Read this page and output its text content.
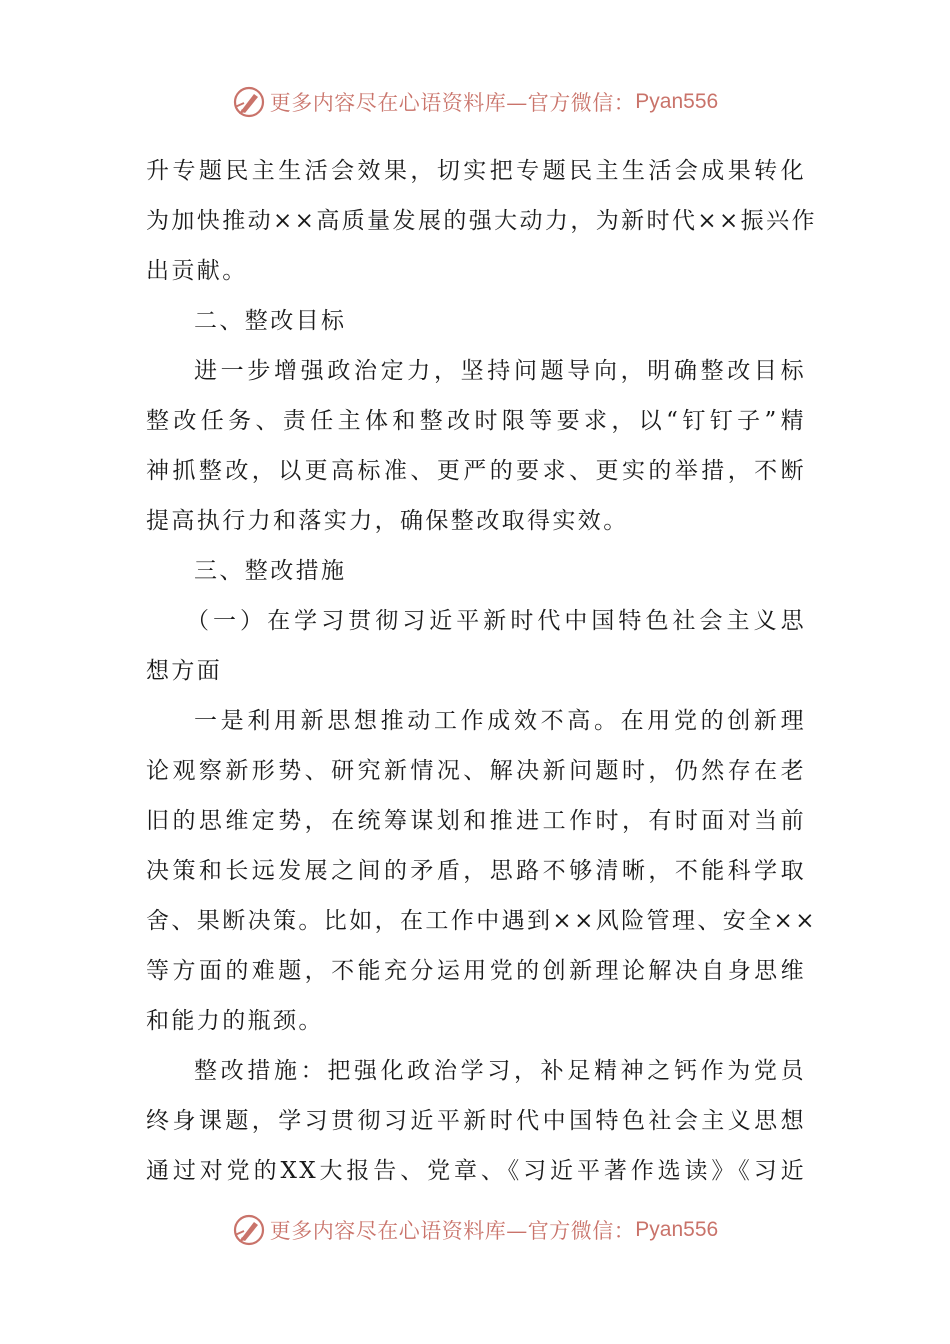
更多内容尽在心语资料库—官方微信： Pyan556
升专题民主生活会效果，切实把专题民主生活会成果转化
为加快推动××高质量发展的强大动力，为新时代××振兴作
出贡献。
二、整改目标
进一步增强政治定力，坚持问题导向，明确整改目标
整改任务、责任主体和整改时限等要求，以“钉钉子”精
神抓整改，以更高标准、更严的要求、更实的举措，不断
提高执行力和落实力，确保整改取得实效。
三、整改措施
（一）在学习贯彻习近平新时代中国特色社会主义思
想方面
一是利用新思想推动工作成效不高。在用党的创新理
论观察新形势、研究新情况、解决新问题时，仍然存在老
旧的思维定势，在统筹谋划和推进工作时，有时面对当前
决策和长远发展之间的矛盾，思路不够清晰，不能科学取
舍、果断决策。比如，在工作中遇到××风险管理、安全××
等方面的难题，不能充分运用党的创新理论解决自身思维
和能力的瓶颈。
整改措施：把强化政治学习，补足精神之钙作为党员
终身课题，学习贯彻习近平新时代中国特色社会主义思想
通过对党的XX大报告、党章、《习近平著作选读》《习近
更多内容尽在心语资料库—官方微信： Pyan556
